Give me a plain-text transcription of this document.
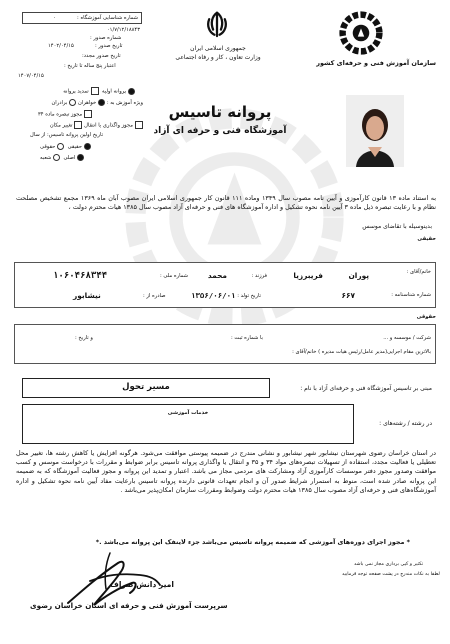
سازمان آموزش فنی و حرفه‌ای کشور
جمهوری اسلامی ایران
وزارت تعاون ، کار و رفاه اجتماعی
پروانه تاسیس
آموزشگاه فنی و حرفه ای آزاد
شماره شناسایی آموزشگاه :
۰
۰۱/۷/۱۲/۱۸۸۴۳
شماره صدور :
تاریخ صدور :
۱۴۰۲/۰۴/۱۵
تاریخ صدور مجدد:
اعتبار پنج ساله تا تاریخ :
۱۴۰۷/۰۴/۱۵
پروانه اولیه  تمدید پروانه
ویژه آموزش به : خواهران برادران
مجوز تبصره ماده ۳۴
مجوز واگذاری یا انتقال تغییر مکان
تاریخ اولین پروانه تاسیس: از سال
حقیقی  حقوقی
اصلی  شعبه
به استناد ماده ۱۳ قانون کارآموزی و آیین نامه مصوب سال ۱۳۴۹ وماده ۱۱۱ قانون کار جمهوری اسلامی ایران مصوب آبان ماه ۱۳۶۹ مجمع تشخیص مصلحت نظام و با رعایت تبصره ذیل ماده ۳ آیین نامه نحوه تشکیل و اداره آموزشگاه های فنی و حرفه‌ای آزاد مصوب سال ۱۳۸۵ هیات محترم دولت ،
بدینوسیله با تقاضای موسس
حقیقی
خانم/آقای :
پوران
فریبرزیا
فرزند :
محمد
شماره ملی :
۱۰۶۰۴۶۸۳۴۴
شماره شناسنامه :
۶۶۷
تاریخ تولد :
۱۳۵۶/۰۶/۰۱
صادره از :
نیشابور
حقوقی
شرکت / موسسه و ...
با شماره ثبت :
و تاریخ :
بالاترین مقام اجرایی(مدیر عامل/رئیس هیات مدیره ) خانم/آقای :
مبنی بر تاسیس آموزشگاه فنی و حرفه‌ای آزاد با نام :
مسیر تحول
در رشته / رشته‌های :
خدمات آموزشی
در استان خراسان رضوی شهرستان نیشابور شهر نیشابور و نشانی مندرج در ضمیمه پیوستی موافقت می‌شود. هرگونه افزایش یا کاهش رشته ها، تغییر محل تعطیلی یا فعالیت مجدد، استفاده از تسهیلات تبصره‌های مواد ۳۴ و ۳۵ و انتقال یا واگذاری پروانه تاسیس برابر ضوابط و مقررات با درخواست موسس و کسب موافقت وصدور مجوز دفتر موسسات کارآموزی آزاد ومشارکت های مردمی مجاز می باشد. اعتبار و تمدید این پروانه و مجوز فعالیت آموزشگاه که به ضمیمه این پروانه صادر شده است، منوط به استمرار شرایط صدور آن و انجام تعهدات قانونی دارنده پروانه تاسیس بارعایت مفاد آیین نامه نحوه تشکیل و اداره آموزشگاه‌های فنی و حرفه‌ای آزاد مصوب سال ۱۳۸۵ هیات محترم دولت وضوابط ومقررات سازمان امکان‌پذیر می‌باشد .
* مجوز اجرای دوره‌های آموزشی که ضمیمه پروانه تاسیس می‌باشد جزء لاینفک این پروانه می‌باشد .*
تکثیر و کپی برداری مجاز نمی باشد
لطفا به نکات مندرج در پشت صفحه توجه فرمایید
امیر دانش صراف
سرپرست آموزش فنی و حرفه ای استان خراسان رضوی
